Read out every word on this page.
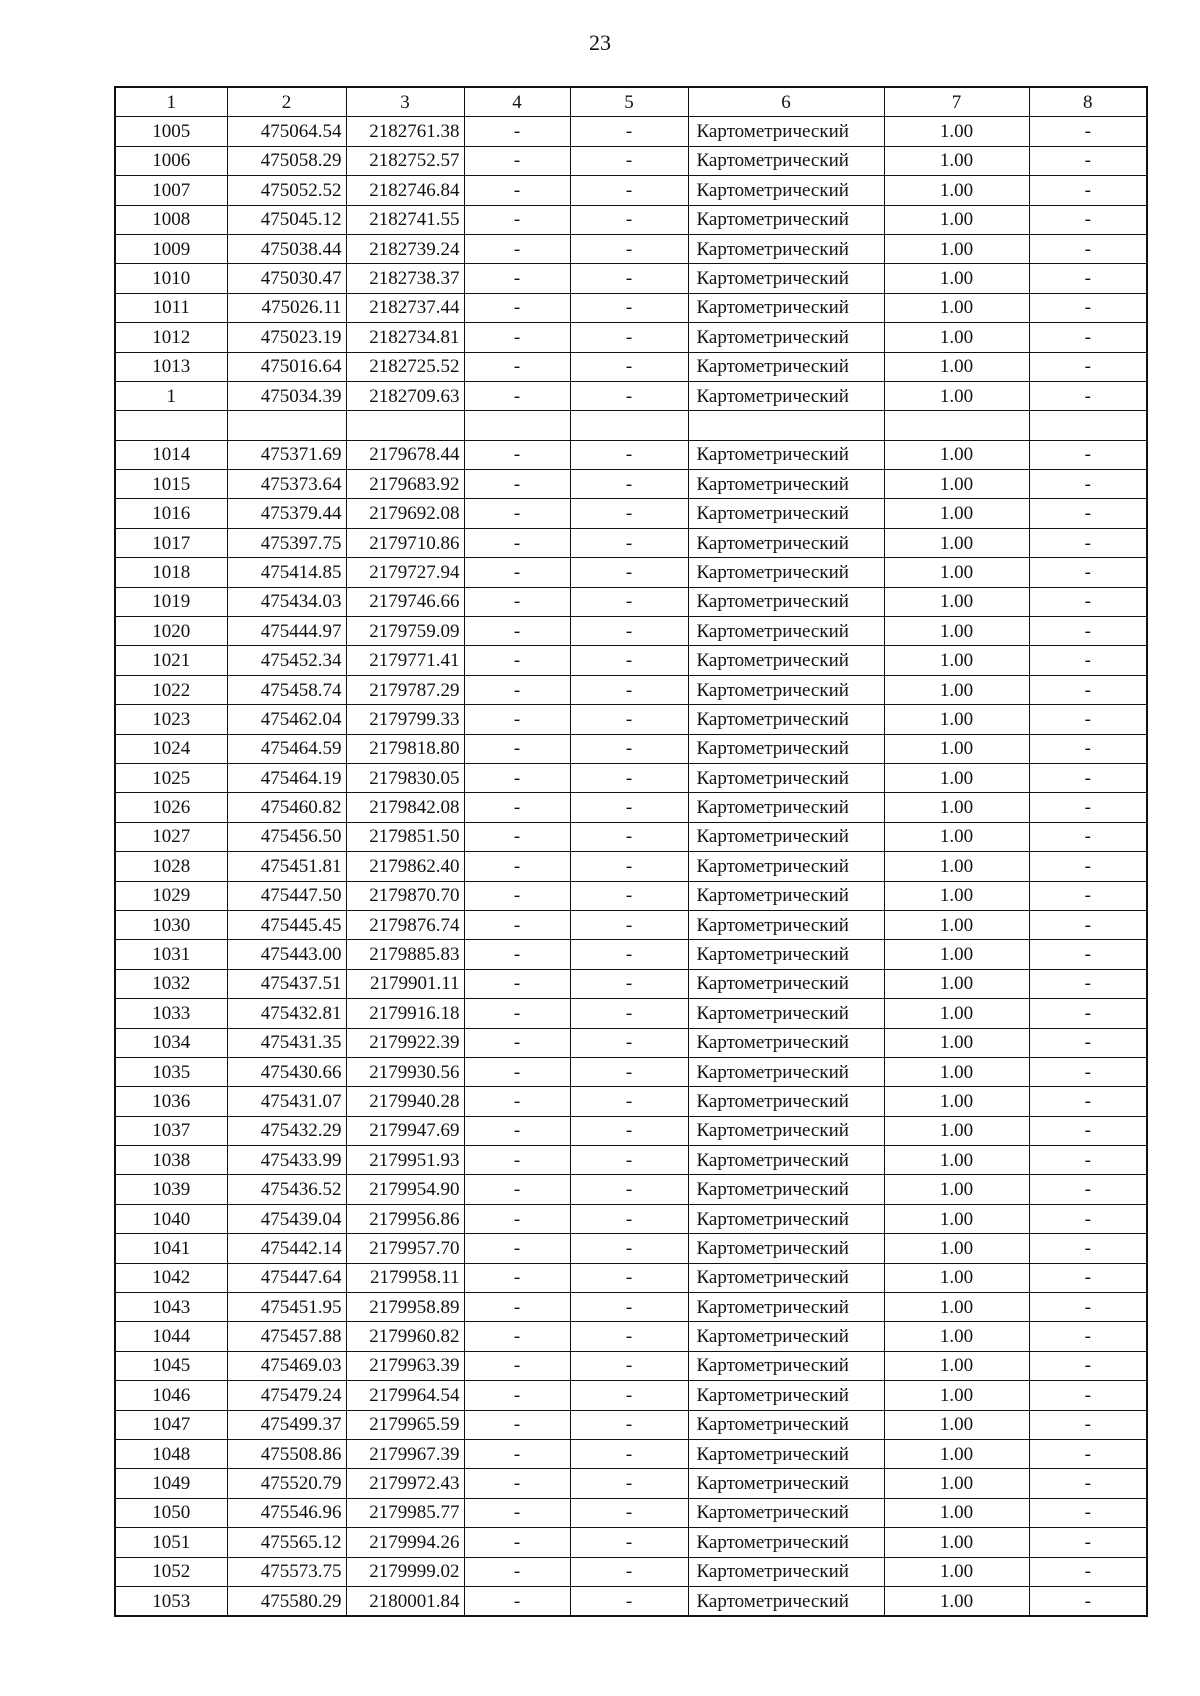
23
1	2	3	4	5	6	7	8
1005	475064.54	2182761.38	-	-	Картометрический	1.00	-
1006	475058.29	2182752.57	-	-	Картометрический	1.00	-
1007	475052.52	2182746.84	-	-	Картометрический	1.00	-
1008	475045.12	2182741.55	-	-	Картометрический	1.00	-
1009	475038.44	2182739.24	-	-	Картометрический	1.00	-
1010	475030.47	2182738.37	-	-	Картометрический	1.00	-
1011	475026.11	2182737.44	-	-	Картометрический	1.00	-
1012	475023.19	2182734.81	-	-	Картометрический	1.00	-
1013	475016.64	2182725.52	-	-	Картометрический	1.00	-
1	475034.39	2182709.63	-	-	Картометрический	1.00	-

1014	475371.69	2179678.44	-	-	Картометрический	1.00	-
1015	475373.64	2179683.92	-	-	Картометрический	1.00	-
1016	475379.44	2179692.08	-	-	Картометрический	1.00	-
1017	475397.75	2179710.86	-	-	Картометрический	1.00	-
1018	475414.85	2179727.94	-	-	Картометрический	1.00	-
1019	475434.03	2179746.66	-	-	Картометрический	1.00	-
1020	475444.97	2179759.09	-	-	Картометрический	1.00	-
1021	475452.34	2179771.41	-	-	Картометрический	1.00	-
1022	475458.74	2179787.29	-	-	Картометрический	1.00	-
1023	475462.04	2179799.33	-	-	Картометрический	1.00	-
1024	475464.59	2179818.80	-	-	Картометрический	1.00	-
1025	475464.19	2179830.05	-	-	Картометрический	1.00	-
1026	475460.82	2179842.08	-	-	Картометрический	1.00	-
1027	475456.50	2179851.50	-	-	Картометрический	1.00	-
1028	475451.81	2179862.40	-	-	Картометрический	1.00	-
1029	475447.50	2179870.70	-	-	Картометрический	1.00	-
1030	475445.45	2179876.74	-	-	Картометрический	1.00	-
1031	475443.00	2179885.83	-	-	Картометрический	1.00	-
1032	475437.51	2179901.11	-	-	Картометрический	1.00	-
1033	475432.81	2179916.18	-	-	Картометрический	1.00	-
1034	475431.35	2179922.39	-	-	Картометрический	1.00	-
1035	475430.66	2179930.56	-	-	Картометрический	1.00	-
1036	475431.07	2179940.28	-	-	Картометрический	1.00	-
1037	475432.29	2179947.69	-	-	Картометрический	1.00	-
1038	475433.99	2179951.93	-	-	Картометрический	1.00	-
1039	475436.52	2179954.90	-	-	Картометрический	1.00	-
1040	475439.04	2179956.86	-	-	Картометрический	1.00	-
1041	475442.14	2179957.70	-	-	Картометрический	1.00	-
1042	475447.64	2179958.11	-	-	Картометрический	1.00	-
1043	475451.95	2179958.89	-	-	Картометрический	1.00	-
1044	475457.88	2179960.82	-	-	Картометрический	1.00	-
1045	475469.03	2179963.39	-	-	Картометрический	1.00	-
1046	475479.24	2179964.54	-	-	Картометрический	1.00	-
1047	475499.37	2179965.59	-	-	Картометрический	1.00	-
1048	475508.86	2179967.39	-	-	Картометрический	1.00	-
1049	475520.79	2179972.43	-	-	Картометрический	1.00	-
1050	475546.96	2179985.77	-	-	Картометрический	1.00	-
1051	475565.12	2179994.26	-	-	Картометрический	1.00	-
1052	475573.75	2179999.02	-	-	Картометрический	1.00	-
1053	475580.29	2180001.84	-	-	Картометрический	1.00	-
